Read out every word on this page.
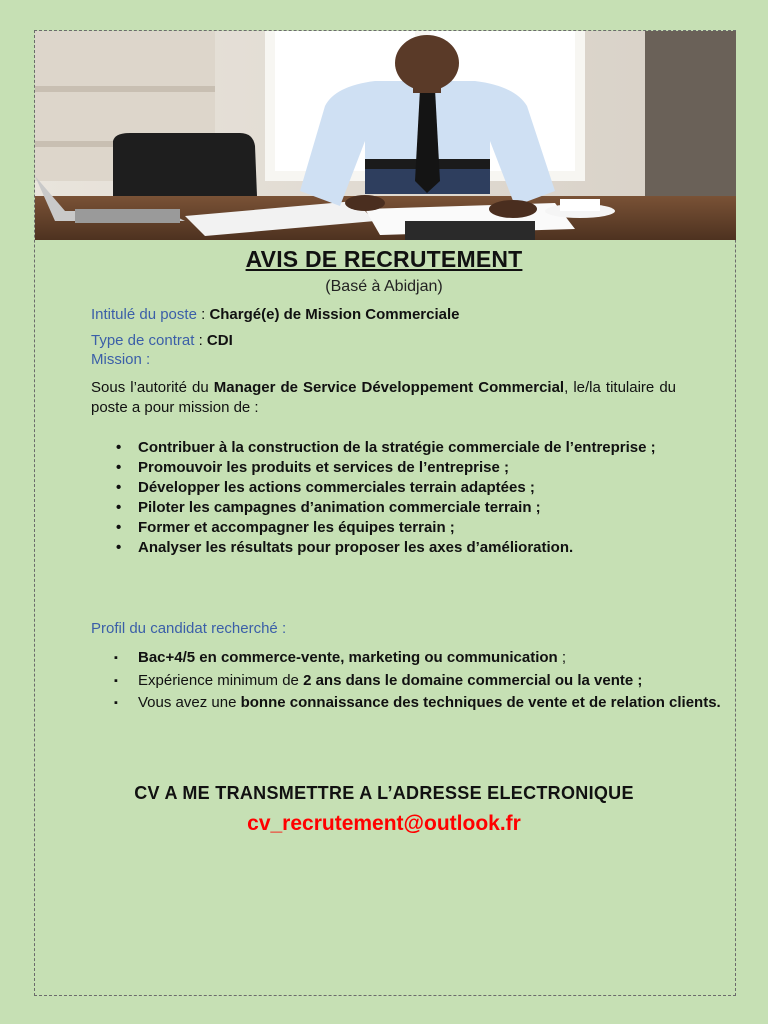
AVIS DE RECRUTEMENT
(Basé à Abidjan)
Intitulé du poste : Chargé(e) de Mission Commerciale
Type de contrat : CDI
Mission :
Sous l’autorité du Manager de Service Développement Commercial, le/la titulaire du poste a pour mission de :
• Contribuer à la construction de la stratégie commerciale de l’entreprise ;
• Promouvoir les produits et services de l’entreprise ;
• Développer les actions commerciales terrain adaptées ;
• Piloter les campagnes d’animation commerciale terrain ;
• Former et accompagner les équipes terrain ;
• Analyser les résultats pour proposer les axes d’amélioration.
Profil du candidat recherché :
▪ Bac+4/5 en commerce-vente, marketing ou communication ;
▪ Expérience minimum de 2 ans dans le domaine commercial ou la vente ;
▪ Vous avez une bonne connaissance des techniques de vente et de relation clients.
CV A ME TRANSMETTRE A L’ADRESSE ELECTRONIQUE
cv_recrutement@outlook.fr
